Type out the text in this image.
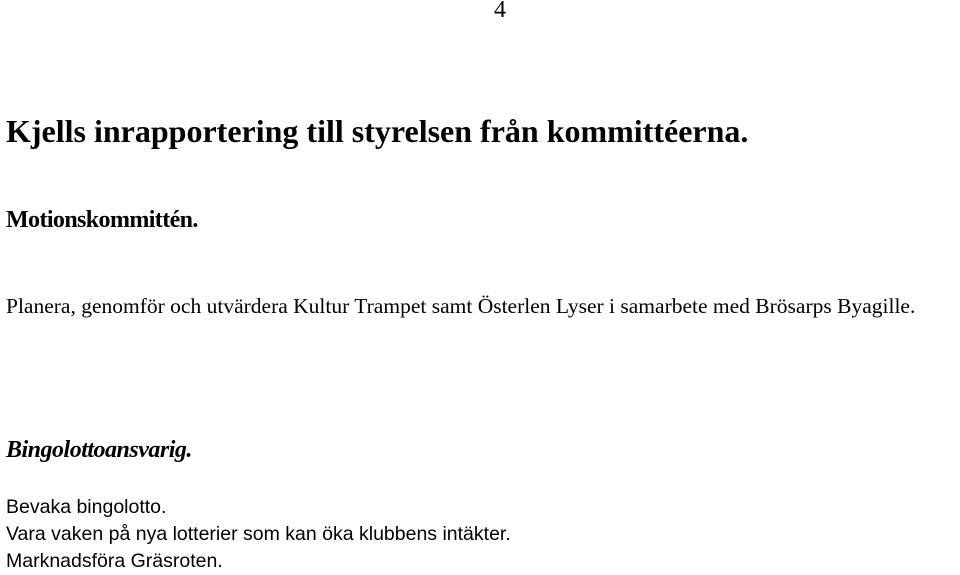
4
Kjells inrapportering till styrelsen från kommittéerna.
Motionskommittén.

Planera, genomför och utvärdera Kultur Trampet samt Österlen Lyser i samarbete med Brösarps Byagille.

Bingolottoansvarig.
Bevaka bingolotto.
Vara vaken på nya lotterier som kan öka klubbens intäkter.
Marknadsföra Gräsroten.
